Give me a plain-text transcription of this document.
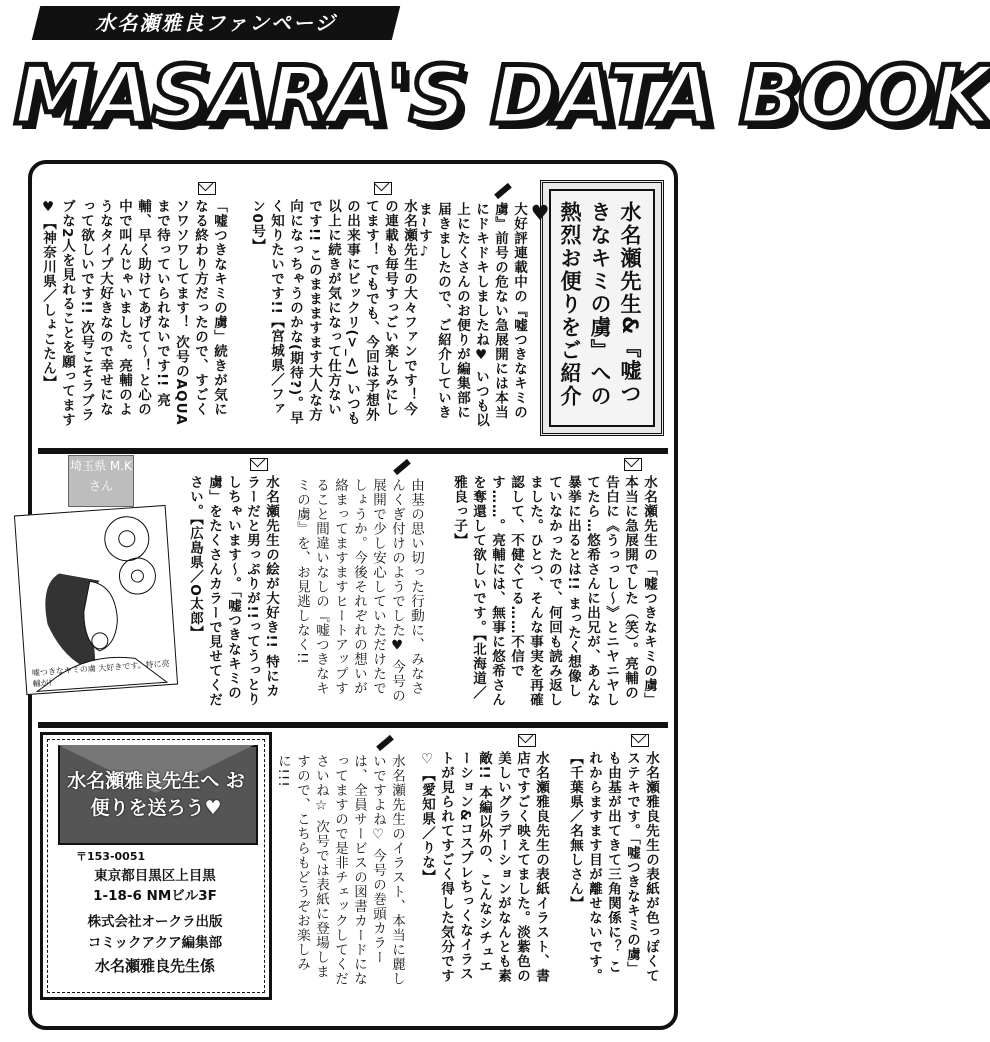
水名瀬雅良ファンページ
MASARA'S DATA BOOK
水名瀬先生&『嘘つきなキミの虜』への熱烈お便りをご紹介♥
大好評連載中の『嘘つきなキミの虜』前号の危ない急展開には本当にドキドキしましたね♥ いつも以上にたくさんのお便りが編集部に届きましたので、ご紹介していきま~す♪
水名瀬先生の大々ファンです！今の連載も毎号すっごい楽しみにしてます！ でもでも、今回は予想外の出来事にビックリ(>_<) いつも以上に続きが気になって仕方ないです!! このままますます大人な方向になっちゃうのかな(期待?)。早く知りたいです!!【宮城県／ファン0号】
「嘘つきなキミの虜」続きが気になる終わり方だったので、すごくソワソワしてます！ 次号のAQUAまで待っていられないです!! 亮輔、早く助けてあげて～！と心の中で叫んじゃいました。亮輔のようなタイプ大好きなので幸せになって欲しいです!! 次号こそラブラブな2人を見れることを願ってます♥【神奈川県／しょこたん】
水名瀬先生の「嘘つきなキミの虜」本当に急展開でした（笑）。亮輔の告白に《うっっし～》とニヤニヤしてたら…悠希さんに出兄が、あんな暴挙に出るとは!! まったく想像していなかったので、何回も読み返しました。ひとつ、そんな事実を再確認して、不健ぐてる……不信です……。亮輔には、無事に悠希さんを奪還して欲しいです。【北海道／雅良っ子】
由基の思い切った行動に、みなさんくぎ付けのようでした♥ 今号の展開で少し安心していただけたでしょうか。今後それぞれの想いが絡まってますますヒートアップすること間違いなしの『嘘つきなキミの虜』を、お見逃しなく!!
水名瀬先生の絵が大好き!! 特にカラーだと男っぷりが!!ってうっとりしちゃいます～。「嘘つきなキミの虜」をたくさんカラーで見せてください。【広島県／O太郎】
埼玉県 M.Kさん
嘘つきなキミの虜 大好きです。特に亮輔が!
水名瀬雅良先生の表紙が色っぽくてステキです。「嘘つきなキミの虜」も由基が出てきて三角関係に？ これからますます目が離せないです。【千葉県／名無しさん】
水名瀬雅良先生の表紙イラスト、書店ですごく映えてました。淡紫色の美しいグラデーションがなんとも素敵!! 本編以外の、こんなシチュエーション&コスプレちっくなイラストが見られてすごく得した気分です♡【愛知県／りな】
水名瀬先生のイラスト、本当に麗しいですよね♡ 今号の巻頭カラーは、全員サービスの図書カードになってますので是非チェックしてくださいね☆ 次号では表紙に登場しますので、こちらもどうぞお楽しみに!!!
水名瀬雅良先生へ お便りを送ろう♥
〒153-0051
東京都目黒区上目黒
1-18-6 NMビル3F
株式会社オークラ出版
コミックアクア編集部
水名瀬雅良先生係
